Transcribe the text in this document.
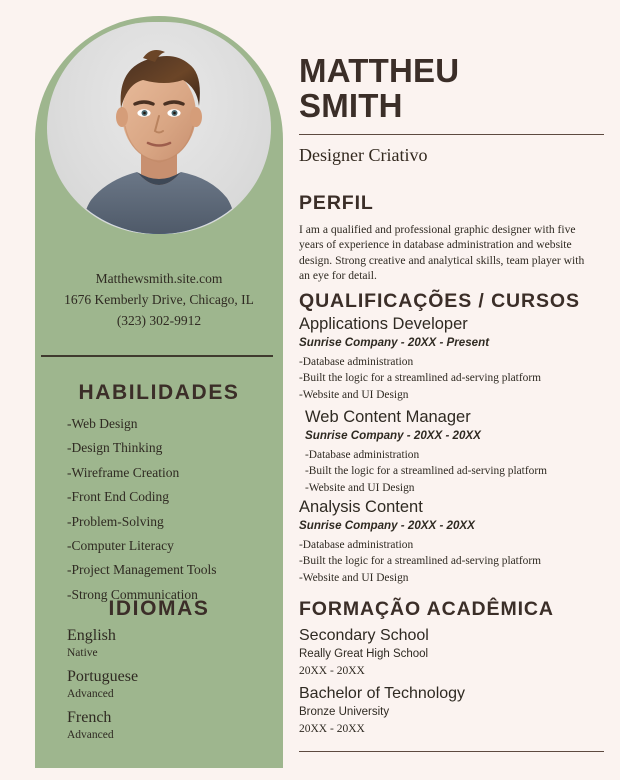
Matthewsmith.site.com
1676 Kemberly Drive, Chicago, IL
(323) 302-9912
HABILIDADES
-Web Design
-Design Thinking
-Wireframe Creation
-Front End Coding
-Problem-Solving
-Computer Literacy
-Project Management Tools
-Strong Communication
IDIOMAS
English
Native
Portuguese
Advanced
French
Advanced
MATTHEU
SMITH
Designer Criativo
PERFIL
I am a qualified and professional graphic designer with five years of experience in database administration and website design. Strong creative and analytical skills, team player with an eye for detail.
QUALIFICAÇÕES / CURSOS
Applications Developer
Sunrise Company - 20XX - Present
-Database administration
-Built the logic for a streamlined ad-serving platform
-Website and UI Design
Web Content Manager
Sunrise Company - 20XX - 20XX
-Database administration
-Built the logic for a streamlined ad-serving platform
-Website and UI Design
Analysis Content
Sunrise Company - 20XX - 20XX
-Database administration
-Built the logic for a streamlined ad-serving platform
-Website and UI Design
FORMAÇÃO ACADÊMICA
Secondary School
Really Great High School
20XX - 20XX
Bachelor of Technology
Bronze University
20XX - 20XX
